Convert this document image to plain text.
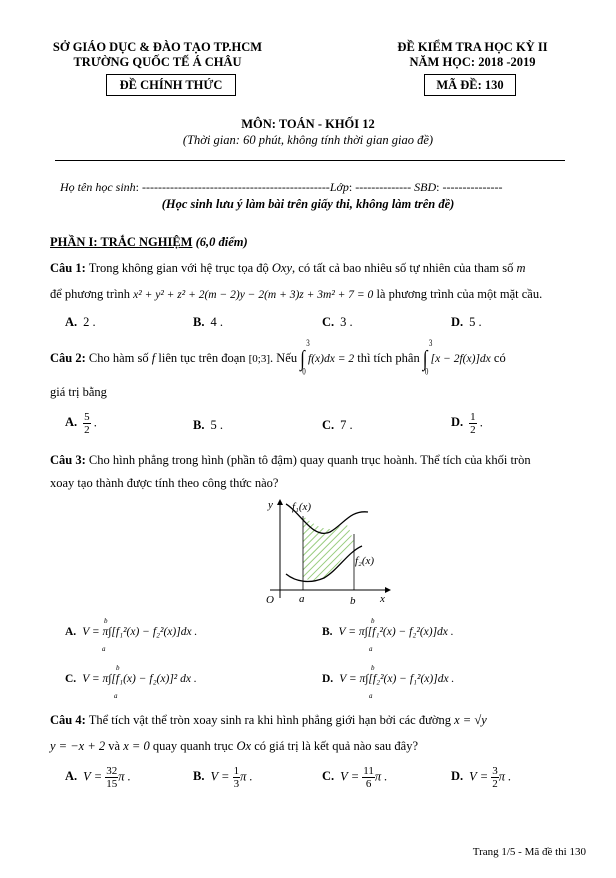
SỞ GIÁO DỤC & ĐÀO TẠO TP.HCM
TRƯỜNG QUỐC TẾ Á CHÂU
ĐỀ CHÍNH THỨC
ĐỀ KIỂM TRA HỌC KỲ II
NĂM HỌC: 2018 -2019
MÃ ĐỀ: 130
MÔN: TOÁN - KHỐI 12
(Thời gian: 60 phút, không tính thời gian giao đề)
Họ tên học sinh: -----------------------------------------------Lớp: -------------- SBD: ---------------
(Học sinh lưu ý làm bài trên giấy thi, không làm trên đề)
PHẦN I: TRẮC NGHIỆM (6,0 điểm)
Câu 1: Trong không gian với hệ trục tọa độ Oxy, có tất cả bao nhiêu số tự nhiên của tham số m
để phương trình x² + y² + z² + 2(m − 2)y − 2(m + 3)z + 3m² + 7 = 0 là phương trình của một mặt cầu.
A. 2 .	B. 4 .	C. 3 .	D. 5 .
Câu 2: Cho hàm số f liên tục trên đoạn [0;3]. Nếu ∫
3
0
f(x)dx = 2 thì tích phân ∫
3
0
[x − 2f(x)]dx có
giá trị bằng
A. $\frac{5}{2}$ .	B. 5 .	C. 7 .	D. $\frac{1}{2}$ .
Câu 3: Cho hình phẳng trong hình (phần tô đậm) quay quanh trục hoành. Thể tích của khối tròn
xoay tạo thành được tính theo công thức nào?
y
x
O a	b
f₁(x)
f₂(x)
A. V = π∫[f₁²(x) − f₂²(x)]dx .	B. V = π∫[f₁²(x) − f₂²(x)]dx .
C. V = π∫[f₁(x) − f₂(x)]² dx .	D. V = π∫[f₂²(x) − f₁²(x)]dx .
b
a
b
a
b
a
b
a
Câu 4: Thể tích vật thể tròn xoay sinh ra khi hình phẳng giới hạn bởi các đường x = √y
y = −x + 2 và x = 0 quay quanh trục Ox có giá trị là kết quả nào sau đây?
A. $V = \frac{32}{15}$ π .	B. $V = \frac{1}{3}$ π .	C. $V = \frac{11}{6}$ π .	D. $V = \frac{3}{2}$ π .
Trang 1/5 - Mã đề thi 130
